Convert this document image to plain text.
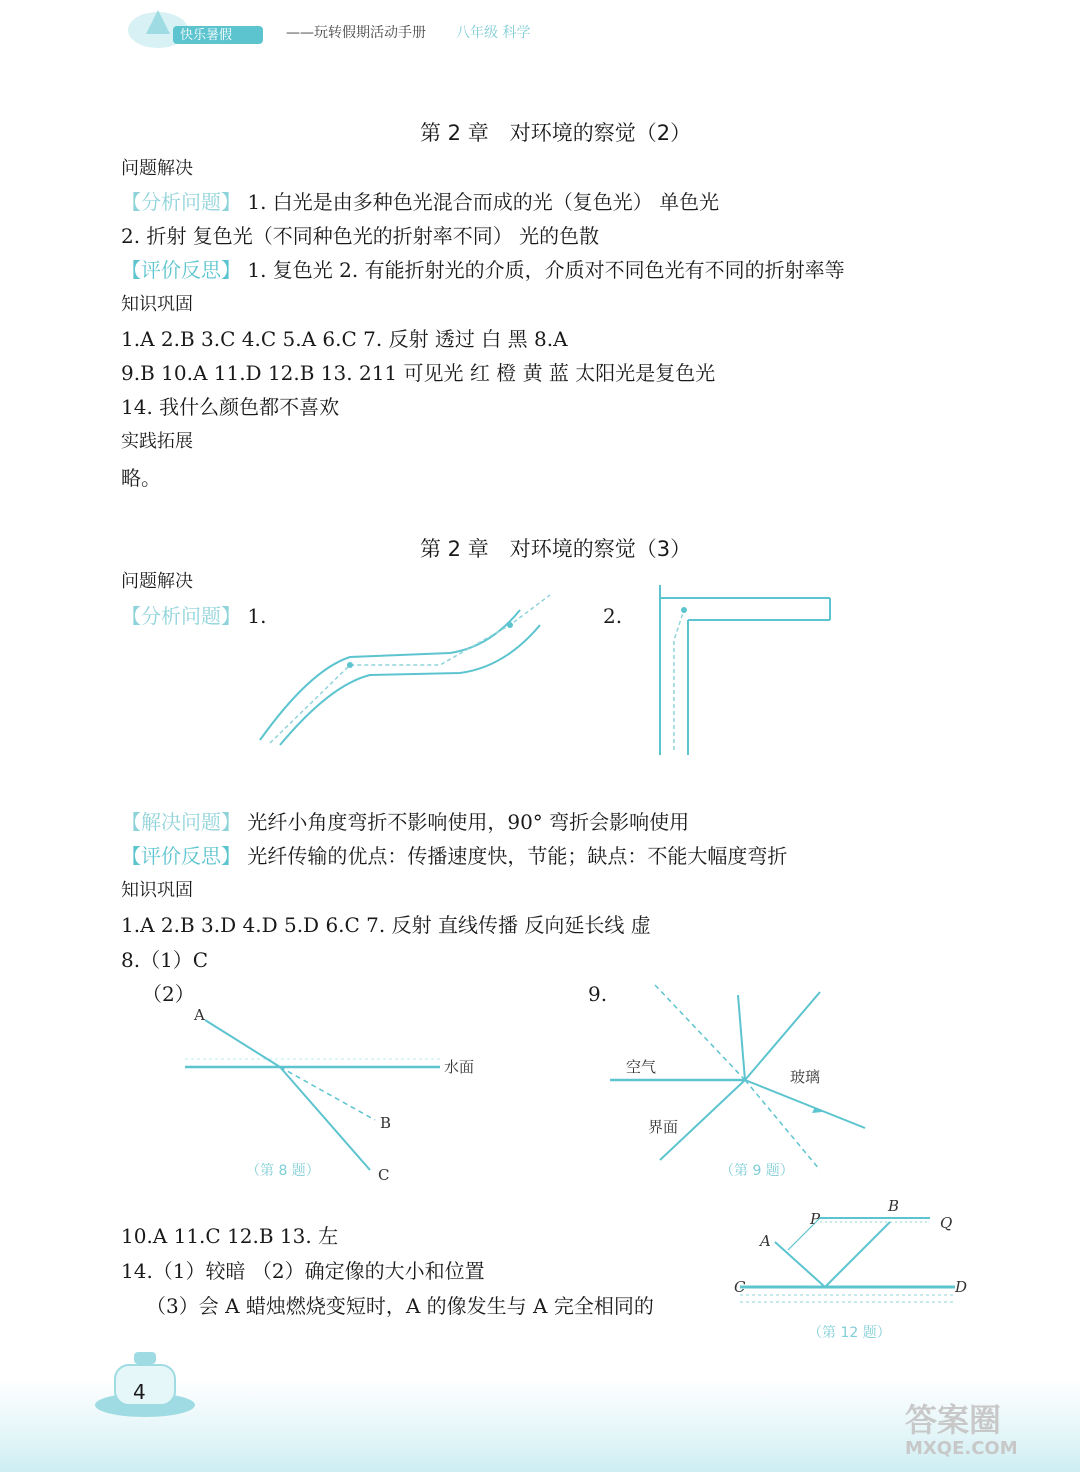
快乐暑假	——玩转假期活动手册 八年级 科学
第 2 章　对环境的察觉（2）
问题解决
【分析问题】 1. 白光是由多种色光混合而成的光（复色光） 单色光
2. 折射 复色光（不同种色光的折射率不同） 光的色散
【评价反思】 1. 复色光 2. 有能折射光的介质，介质对不同色光有不同的折射率等
知识巩固
1.A 2.B 3.C 4.C 5.A 6.C 7. 反射 透过 白 黑 8.A
9.B 10.A 11.D 12.B 13. 211 可见光 红 橙 黄 蓝 太阳光是复色光
14. 我什么颜色都不喜欢
实践拓展
略。
第 2 章　对环境的察觉（3）
问题解决
【分析问题】 1.	2.
【解决问题】 光纤小角度弯折不影响使用，90° 弯折会影响使用
【评价反思】 光纤传输的优点：传播速度快，节能；缺点：不能大幅度弯折
知识巩固
1.A 2.B 3.D 4.D 5.D 6.C 7. 反射 直线传播 反向延长线 虚
8.（1）C
（2）	9.
A
水面
B
C
（第 8 题）
空气
玻璃
界面
（第 9 题）
10.A 11.C 12.B 13. 左
14.（1）较暗 （2）确定像的大小和位置
（3）会 A 蜡烛燃烧变短时，A 的像发生与 A 完全相同的
P
B
Q
A
C	D
（第 12 题）
4
答案圈
MXQE.COM
